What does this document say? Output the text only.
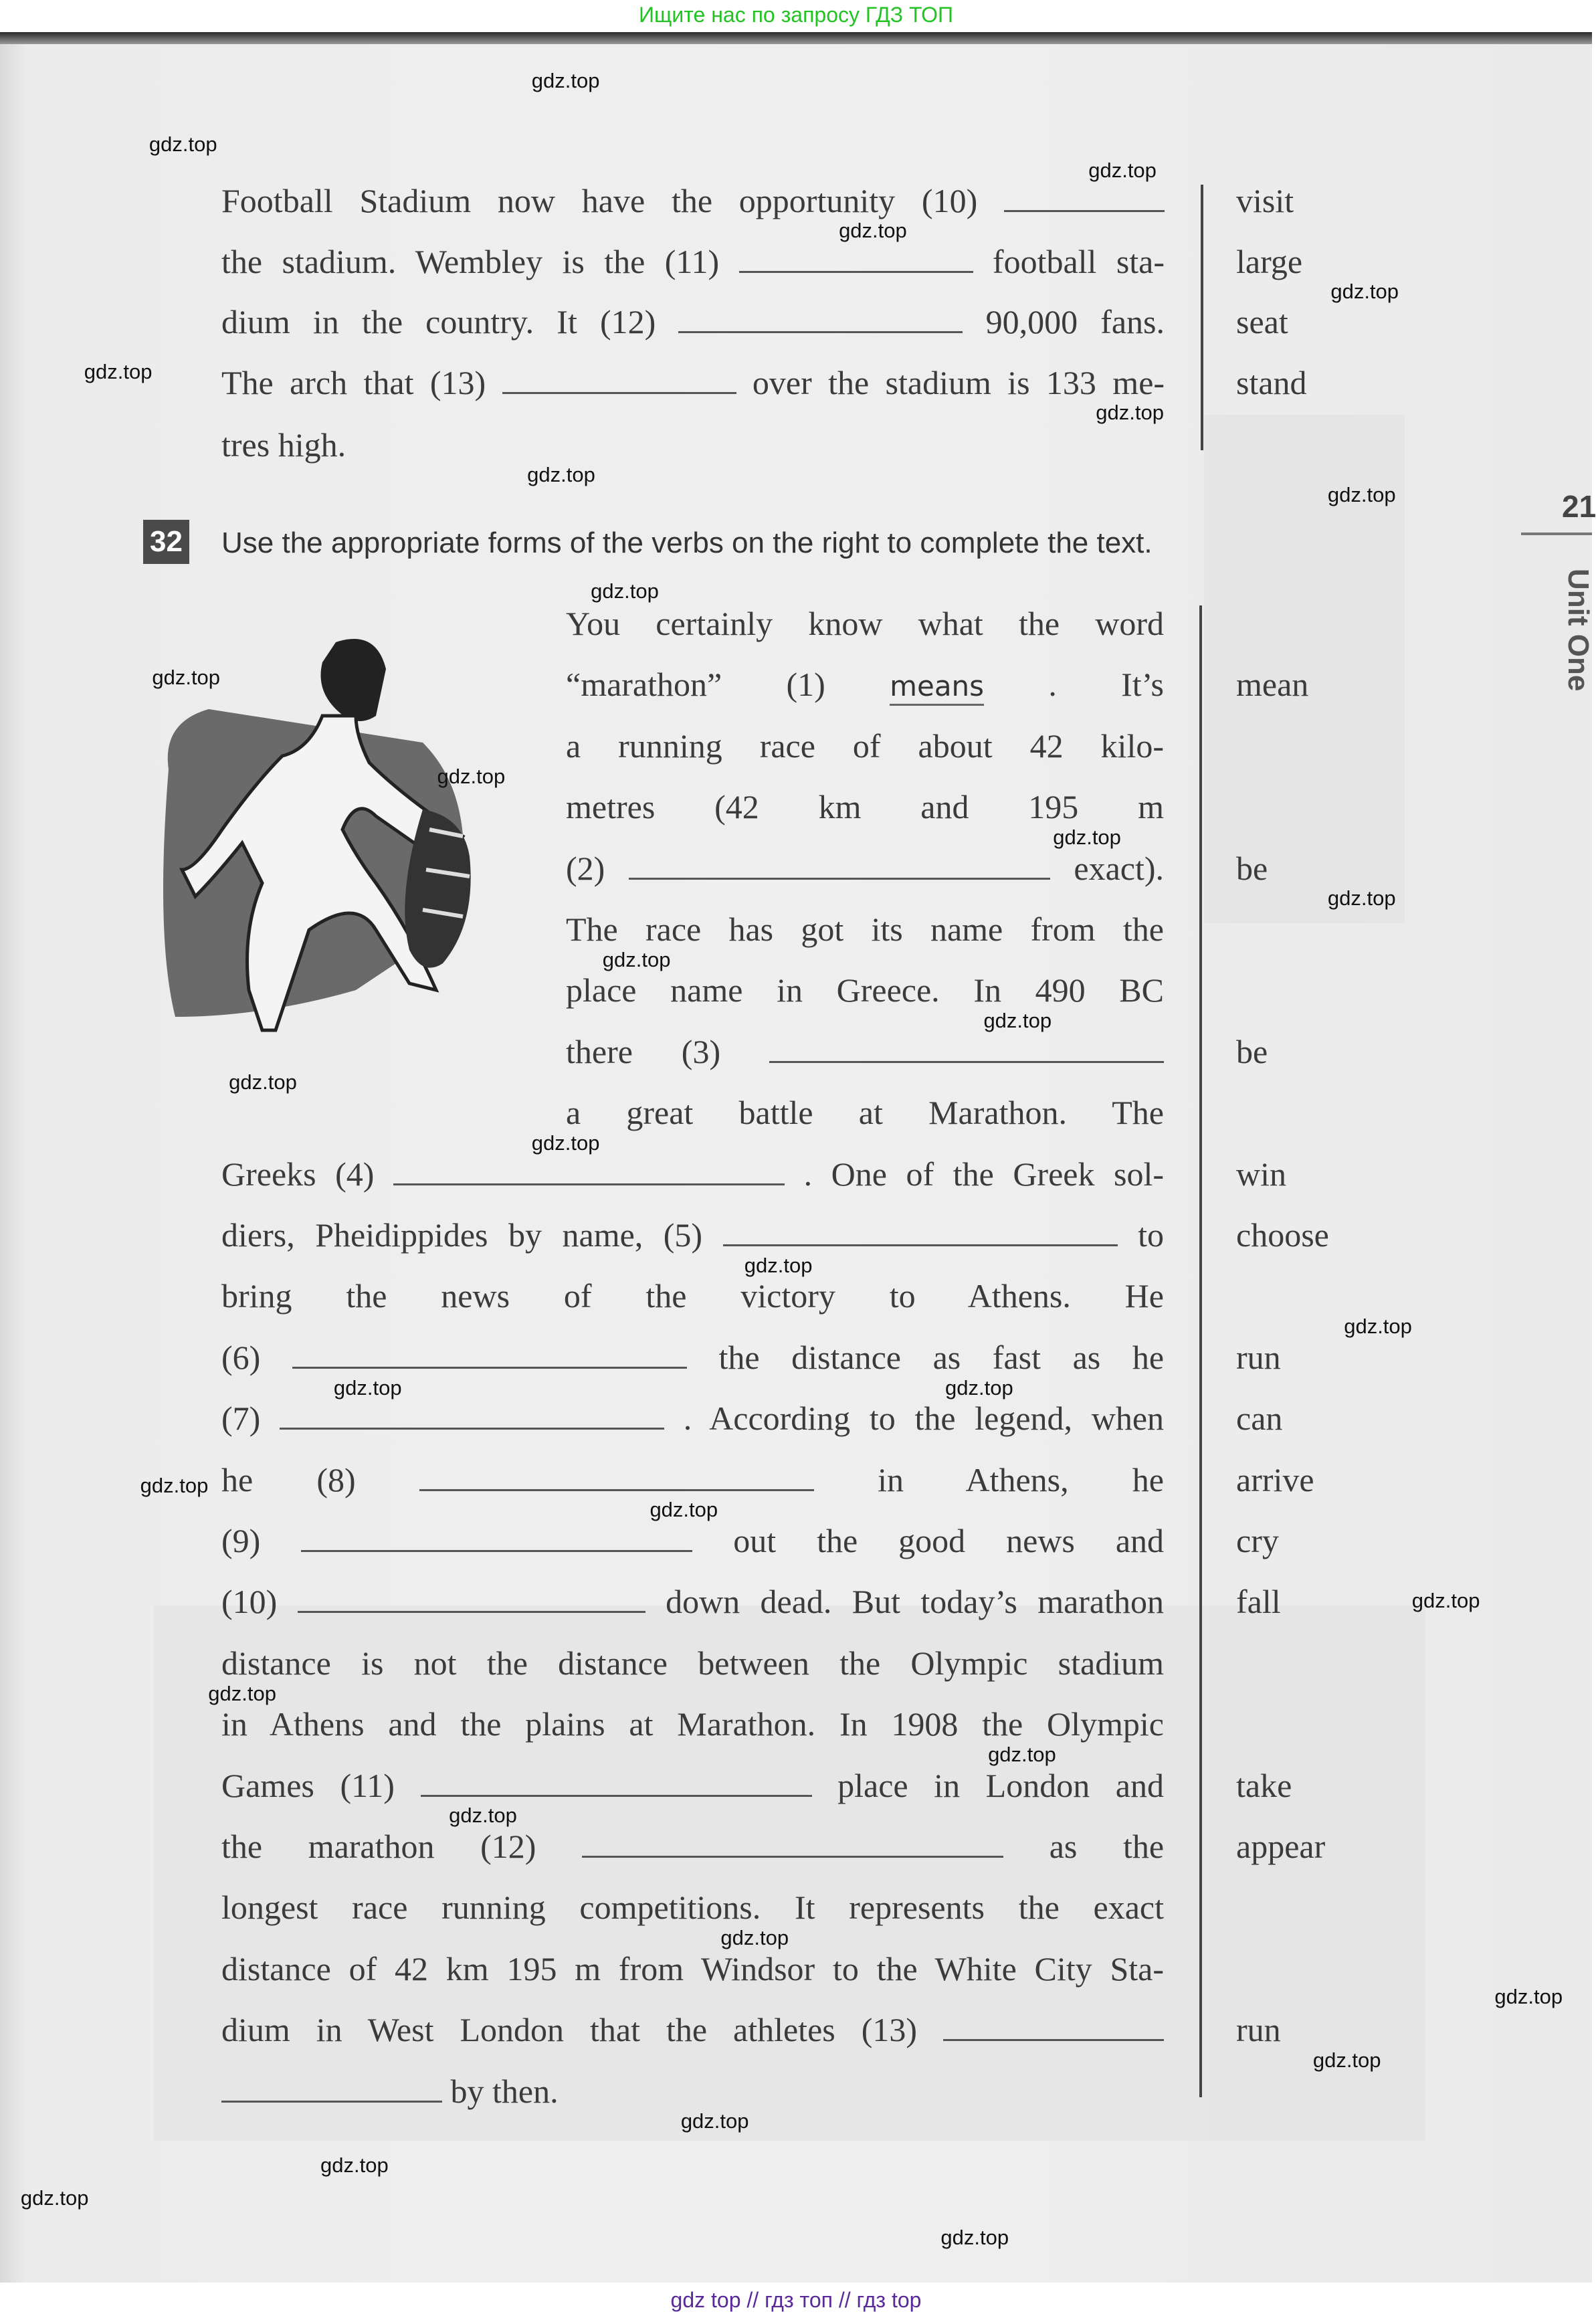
Ищите нас по запросу ГДЗ ТОП
21
Unit One
Football Stadium now have the opportunity (10)	visit
the stadium. Wembley is the (11)	football sta- large
dium in the country. It (12)	90,000 fans. seat
The arch that (13)	over the stadium is 133 me- stand
tres high.
32 Use the appropriate forms of the verbs on the right to complete the text.
You certainly know what the word
“marathon” (1) means . It’s mean
a running race of about 42 kilo-
metres (42 km and 195 m
(2)	exact). be
The race has got its name from the
place name in Greece. In 490 BC
there (3)	be
a great battle at Marathon. The
Greeks (4)	. One of the Greek sol- win
diers, Pheidippides by name, (5)	to choose
bring the news of the victory to Athens. He
(6)	the distance as fast as he run
(7)	. According to the legend, when can
he (8)	in Athens, he arrive
(9)	out the good news and cry
(10)	down dead. But today’s marathon fall
distance is not the distance between the Olympic stadium
in Athens and the plains at Marathon. In 1908 the Olympic
Games (11)	place in London and take
the marathon (12)	as the appear
longest race running competitions. It represents the exact
distance of 42 km 195 m from Windsor to the White City Sta-
dium in West London that the athletes (13)	run
by then.
gdz.top
gdz.top
gdz.top
gdz.top
gdz.top
gdz.top
gdz.top
gdz.top
gdz.top
gdz.top
gdz.top
gdz.top
gdz.top
gdz.top
gdz.top
gdz.top
gdz.top
gdz.top
gdz.top
gdz.top
gdz.top
gdz.top
gdz.top
gdz.top
gdz.top
gdz.top
gdz.top
gdz.top
gdz.top
gdz.top
gdz.top
gdz.top
gdz.top
gdz.top
gdz.top
gdz top // гдз топ // гдз top
